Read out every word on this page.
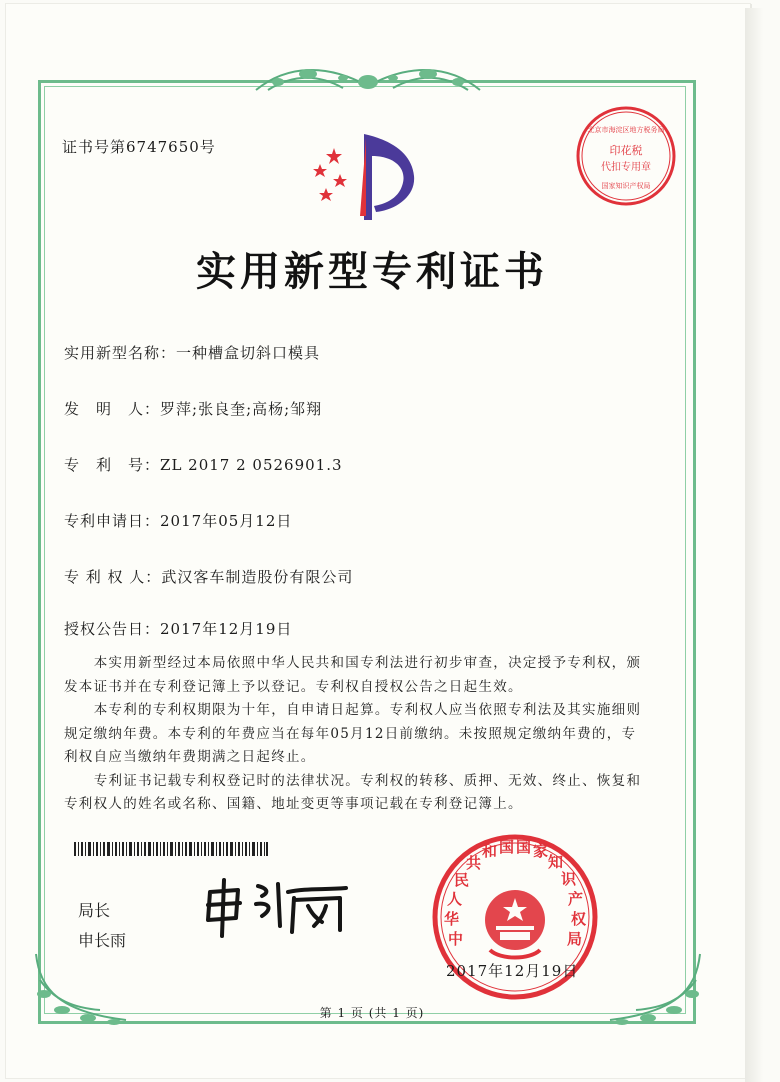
印花税
代扣专用章
北京市海淀区地方税务局
国家知识产权局
证书号第6747650号
实用新型专利证书
实用新型名称：一种槽盒切斜口模具
发　明　人：罗萍;张良奎;高杨;邹翔
专　利　号：ZL 2017 2 0526901.3
专利申请日：2017年05月12日
专 利 权 人：武汉客车制造股份有限公司
授权公告日：2017年12月19日

本实用新型经过本局依照中华人民共和国专利法进行初步审查，决定授予专利权，颁发本证书并在专利登记簿上予以登记。专利权自授权公告之日起生效。

本专利的专利权期限为十年，自申请日起算。专利权人应当依照专利法及其实施细则规定缴纳年费。本专利的年费应当在每年05月12日前缴纳。未按照规定缴纳年费的，专利权自应当缴纳年费期满之日起终止。

专利证书记载专利权登记时的法律状况。专利权的转移、质押、无效、终止、恢复和专利权人的姓名或名称、国籍、地址变更等事项记载在专利登记簿上。

局长
申长雨	中
华
人
民
共
和 国 国 家
知
识
产
权
局
2017年12月19日
第 1 页 (共 1 页)
